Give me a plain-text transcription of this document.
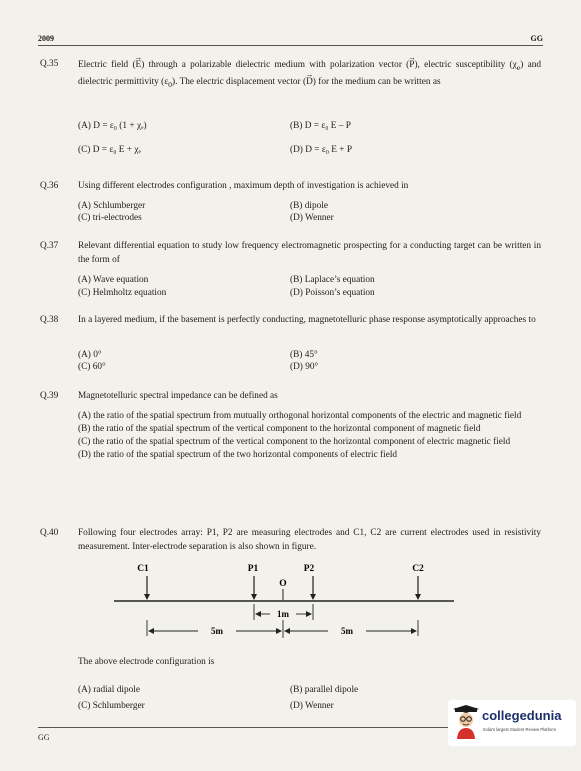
2009	GG
Q.35	Electric field (→ E) through a polarizable dielectric medium with polarization vector (→ P), electric susceptibility $(\chi_e)$ and dielectric permittivity $(\varepsilon_0)$. The electric displacement vector (→ D) for the medium can be written as
(A) D = ε₀ (1 + χₑ)	(B) D = ε₀ E – P
(C) D = ε₀ E + χₑ	(D) D = ε₀ E + P
Q.36	Using different electrodes configuration , maximum depth of investigation is achieved in
(A) Schlumberger	(B) dipole
(C) tri-electrodes	(D) Wenner
Q.37	Relevant differential equation to study low frequency electromagnetic prospecting for a conducting target can be written in the form of
(A) Wave equation	(B) Laplace’s equation
(C) Helmholtz equation	(D) Poisson’s equation
Q.38	In a layered medium, if the basement is perfectly conducting, magnetotelluric phase response asymptotically approaches to
(A) 0°	(B) 45°
(C) 60°	(D) 90°
Q.39	Magnetotelluric spectral impedance can be defined as
(A) the ratio of the spatial spectrum from mutually orthogonal horizontal components of the electric and magnetic field
(B) the ratio of the spatial spectrum of the vertical component to the horizontal component of magnetic field
(C) the ratio of the spatial spectrum of the vertical component to the horizontal component of electric magnetic field
(D) the ratio of the spatial spectrum of the two horizontal components of electric field
Q.40	Following four electrodes array: P1, P2 are measuring electrodes and C1, C2 are current electrodes used in resistivity measurement. Inter-electrode separation is also shown in figure.
C1	P1
O
P2	C2
1m
5m	5m
The above electrode configuration is
(A) radial dipole	(B) parallel dipole
(C) Schlumberger	(D) Wenner
GG
collegedunia
India's largest Student Review Platform
